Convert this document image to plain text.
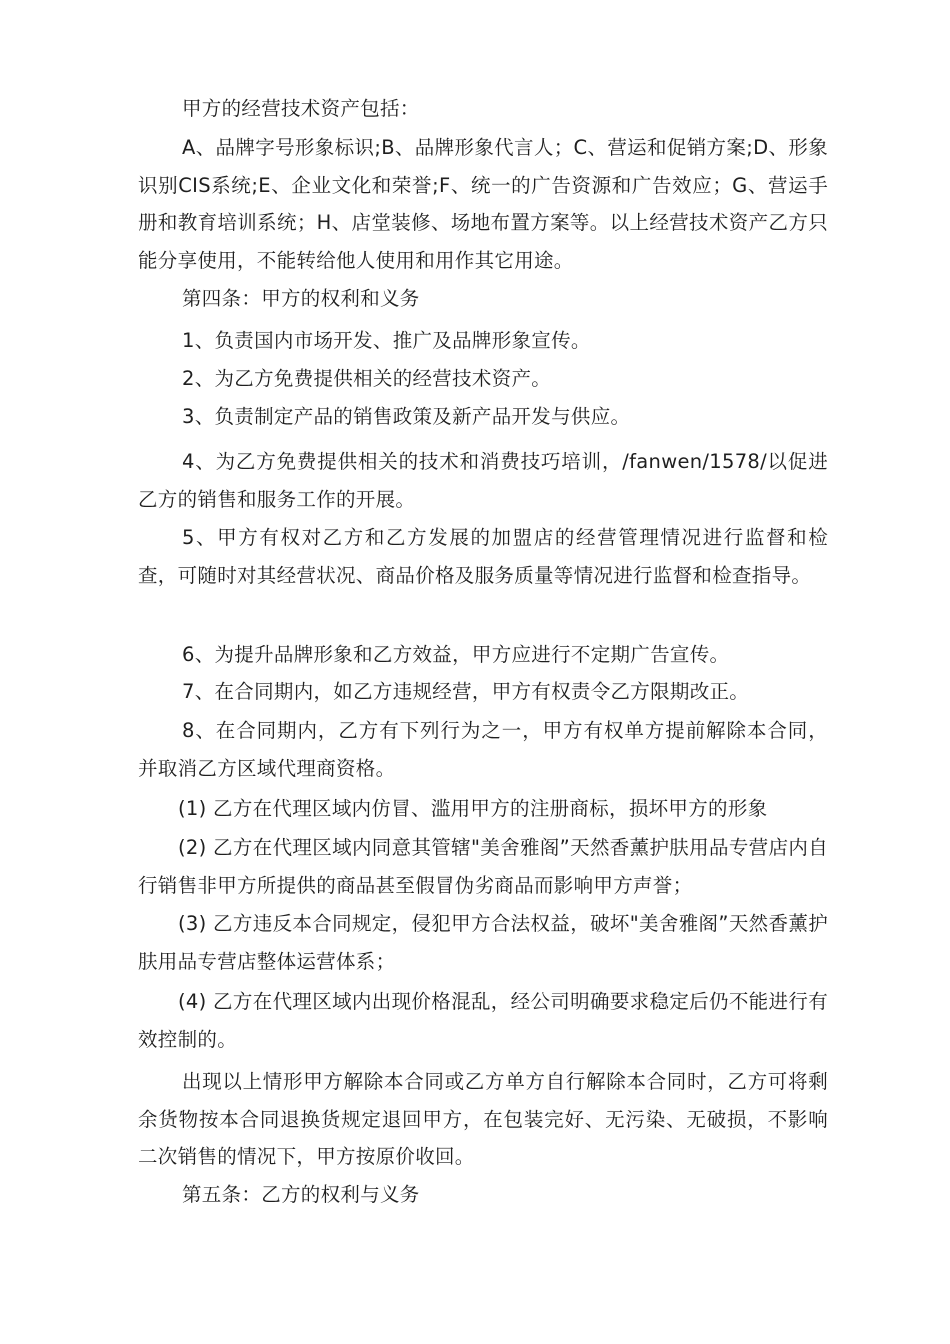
甲方的经营技术资产包括：

A、品牌字号形象标识;B、品牌形象代言人；C、营运和促销方案;D、形象识别CIS系统;E、企业文化和荣誉;F、统一的广告资源和广告效应；G、营运手册和教育培训系统；H、店堂装修、场地布置方案等。以上经营技术资产乙方只能分享使用，不能转给他人使用和用作其它用途。

第四条：甲方的权利和义务

1、负责国内市场开发、推广及品牌形象宣传。

2、为乙方免费提供相关的经营技术资产。

3、负责制定产品的销售政策及新产品开发与供应。

4、为乙方免费提供相关的技术和消费技巧培训，/fanwen/1578/以促进乙方的销售和服务工作的开展。

5、甲方有权对乙方和乙方发展的加盟店的经营管理情况进行监督和检查，可随时对其经营状况、商品价格及服务质量等情况进行监督和检查指导。

6、为提升品牌形象和乙方效益，甲方应进行不定期广告宣传。

7、在合同期内，如乙方违规经营，甲方有权责令乙方限期改正。

8、在合同期内，乙方有下列行为之一，甲方有权单方提前解除本合同，并取消乙方区域代理商资格。

(1) 乙方在代理区域内仿冒、滥用甲方的注册商标，损坏甲方的形象

(2) 乙方在代理区域内同意其管辖"美舍雅阁”天然香薰护肤用品专营店内自行销售非甲方所提供的商品甚至假冒伪劣商品而影响甲方声誉；

(3) 乙方违反本合同规定，侵犯甲方合法权益，破坏"美舍雅阁”天然香薰护肤用品专营店整体运营体系；

(4) 乙方在代理区域内出现价格混乱，经公司明确要求稳定后仍不能进行有效控制的。

出现以上情形甲方解除本合同或乙方单方自行解除本合同时，乙方可将剩余货物按本合同退换货规定退回甲方，在包装完好、无污染、无破损，不影响二次销售的情况下，甲方按原价收回。

第五条：乙方的权利与义务
